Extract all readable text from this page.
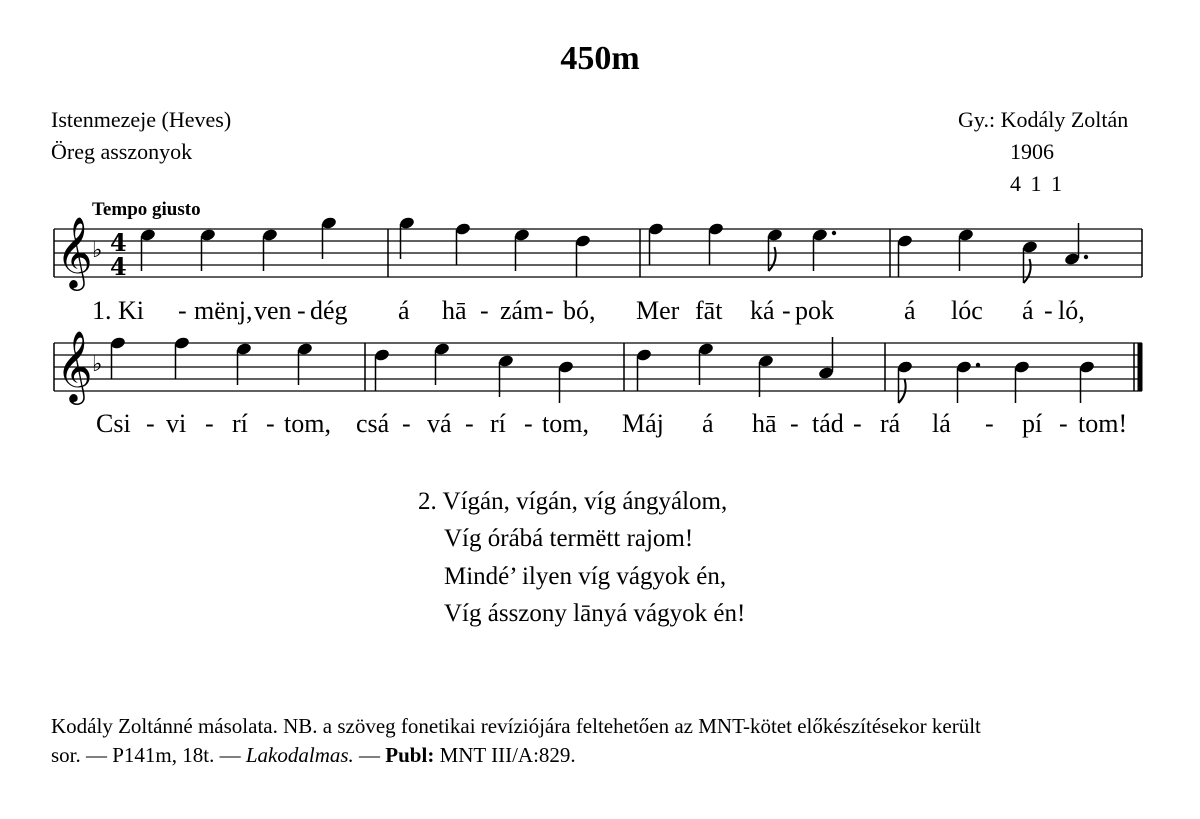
450m
Istenmezeje (Heves)
Öreg asszonyok
Gy.: Kodály Zoltán
1906
4 1 1
Tempo giusto
𝄞 ♭ 4
4
𝄞 ♭
1. Ki - mënj, ven - dég á hā - zám - bó, Mer fāt ká - pok	á lóc á - ló,
Csi - vi - rí - tom, csá - vá - rí - tom, Máj á hā - tád - rá lá - pí - tom!
2. Vígán, vígán, víg ángyálom,
Víg órábá termëtt rajom!
Mindé’ ilyen víg vágyok én,
Víg ásszony lānyá vágyok én!
Kodály Zoltánné másolata. NB. a szöveg fonetikai revíziójára feltehetően az MNT-kötet előkészítésekor került
sor. — P141m, 18t. — Lakodalmas. — Publ: MNT III/A:829.
